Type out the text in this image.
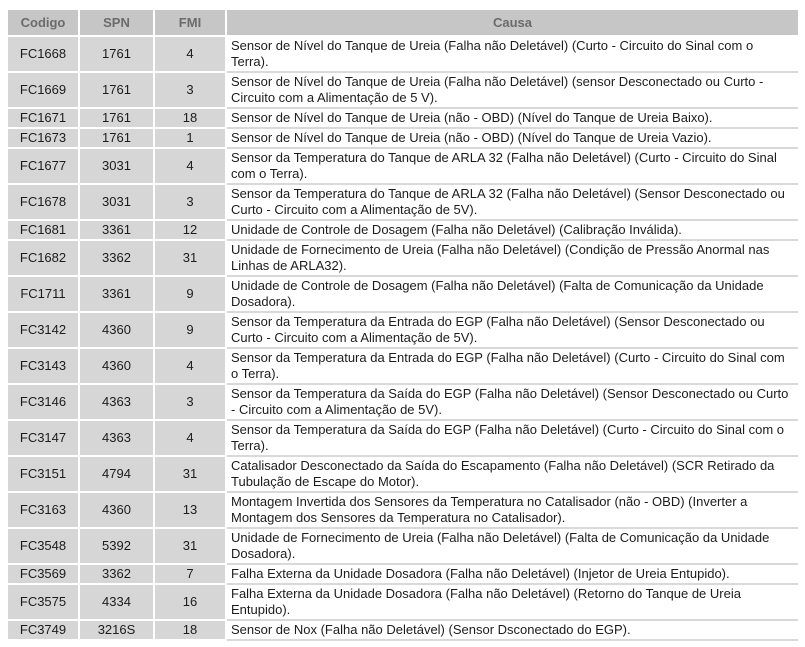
Codigo	SPN	FMI	Causa
FC1668	1761	4	Sensor de Nível do Tanque de Ureia (Falha não Deletável) (Curto - Circuito do Sinal com o Terra).
FC1669	1761	3	Sensor de Nível do Tanque de Ureia (Falha não Deletável) (sensor Desconectado ou Curto - Circuito com a Alimentação de 5 V).
FC1671	1761	18	Sensor de Nível do Tanque de Ureia (não - OBD) (Nível do Tanque de Ureia Baixo).
FC1673	1761	1	Sensor de Nível do Tanque de Ureia (não - OBD) (Nível do Tanque de Ureia Vazio).
FC1677	3031	4	Sensor da Temperatura do Tanque de ARLA 32 (Falha não Deletável) (Curto - Circuito do Sinal com o Terra).
FC1678	3031	3	Sensor da Temperatura do Tanque de ARLA 32 (Falha não Deletável) (Sensor Desconectado ou Curto - Circuito com a Alimentação de 5V).
FC1681	3361	12	Unidade de Controle de Dosagem (Falha não Deletável) (Calibração Inválida).
FC1682	3362	31	Unidade de Fornecimento de Ureia (Falha não Deletável) (Condição de Pressão Anormal nas Linhas de ARLA32).
FC1711	3361	9	Unidade de Controle de Dosagem (Falha não Deletável) (Falta de Comunicação da Unidade Dosadora).
FC3142	4360	9	Sensor da Temperatura da Entrada do EGP (Falha não Deletável) (Sensor Desconectado ou Curto - Circuito com a Alimentação de 5V).
FC3143	4360	4	Sensor da Temperatura da Entrada do EGP (Falha não Deletável) (Curto - Circuito do Sinal com o Terra).
FC3146	4363	3	Sensor da Temperatura da Saída do EGP (Falha não Deletável) (Sensor Desconectado ou Curto - Circuito com a Alimentação de 5V).
FC3147	4363	4	Sensor da Temperatura da Saída do EGP (Falha não Deletável) (Curto - Circuito do Sinal com o Terra).
FC3151	4794	31	Catalisador Desconectado da Saída do Escapamento (Falha não Deletável) (SCR Retirado da Tubulação de Escape do Motor).
FC3163	4360	13	Montagem Invertida dos Sensores da Temperatura no Catalisador (não - OBD) (Inverter a Montagem dos Sensores da Temperatura no Catalisador).
FC3548	5392	31	Unidade de Fornecimento de Ureia (Falha não Deletável) (Falta de Comunicação da Unidade Dosadora).
FC3569	3362	7	Falha Externa da Unidade Dosadora (Falha não Deletável) (Injetor de Ureia Entupido).
FC3575	4334	16	Falha Externa da Unidade Dosadora (Falha não Deletável) (Retorno do Tanque de Ureia Entupido).
FC3749	3216S	18	Sensor de Nox (Falha não Deletável) (Sensor Dsconectado do EGP).
